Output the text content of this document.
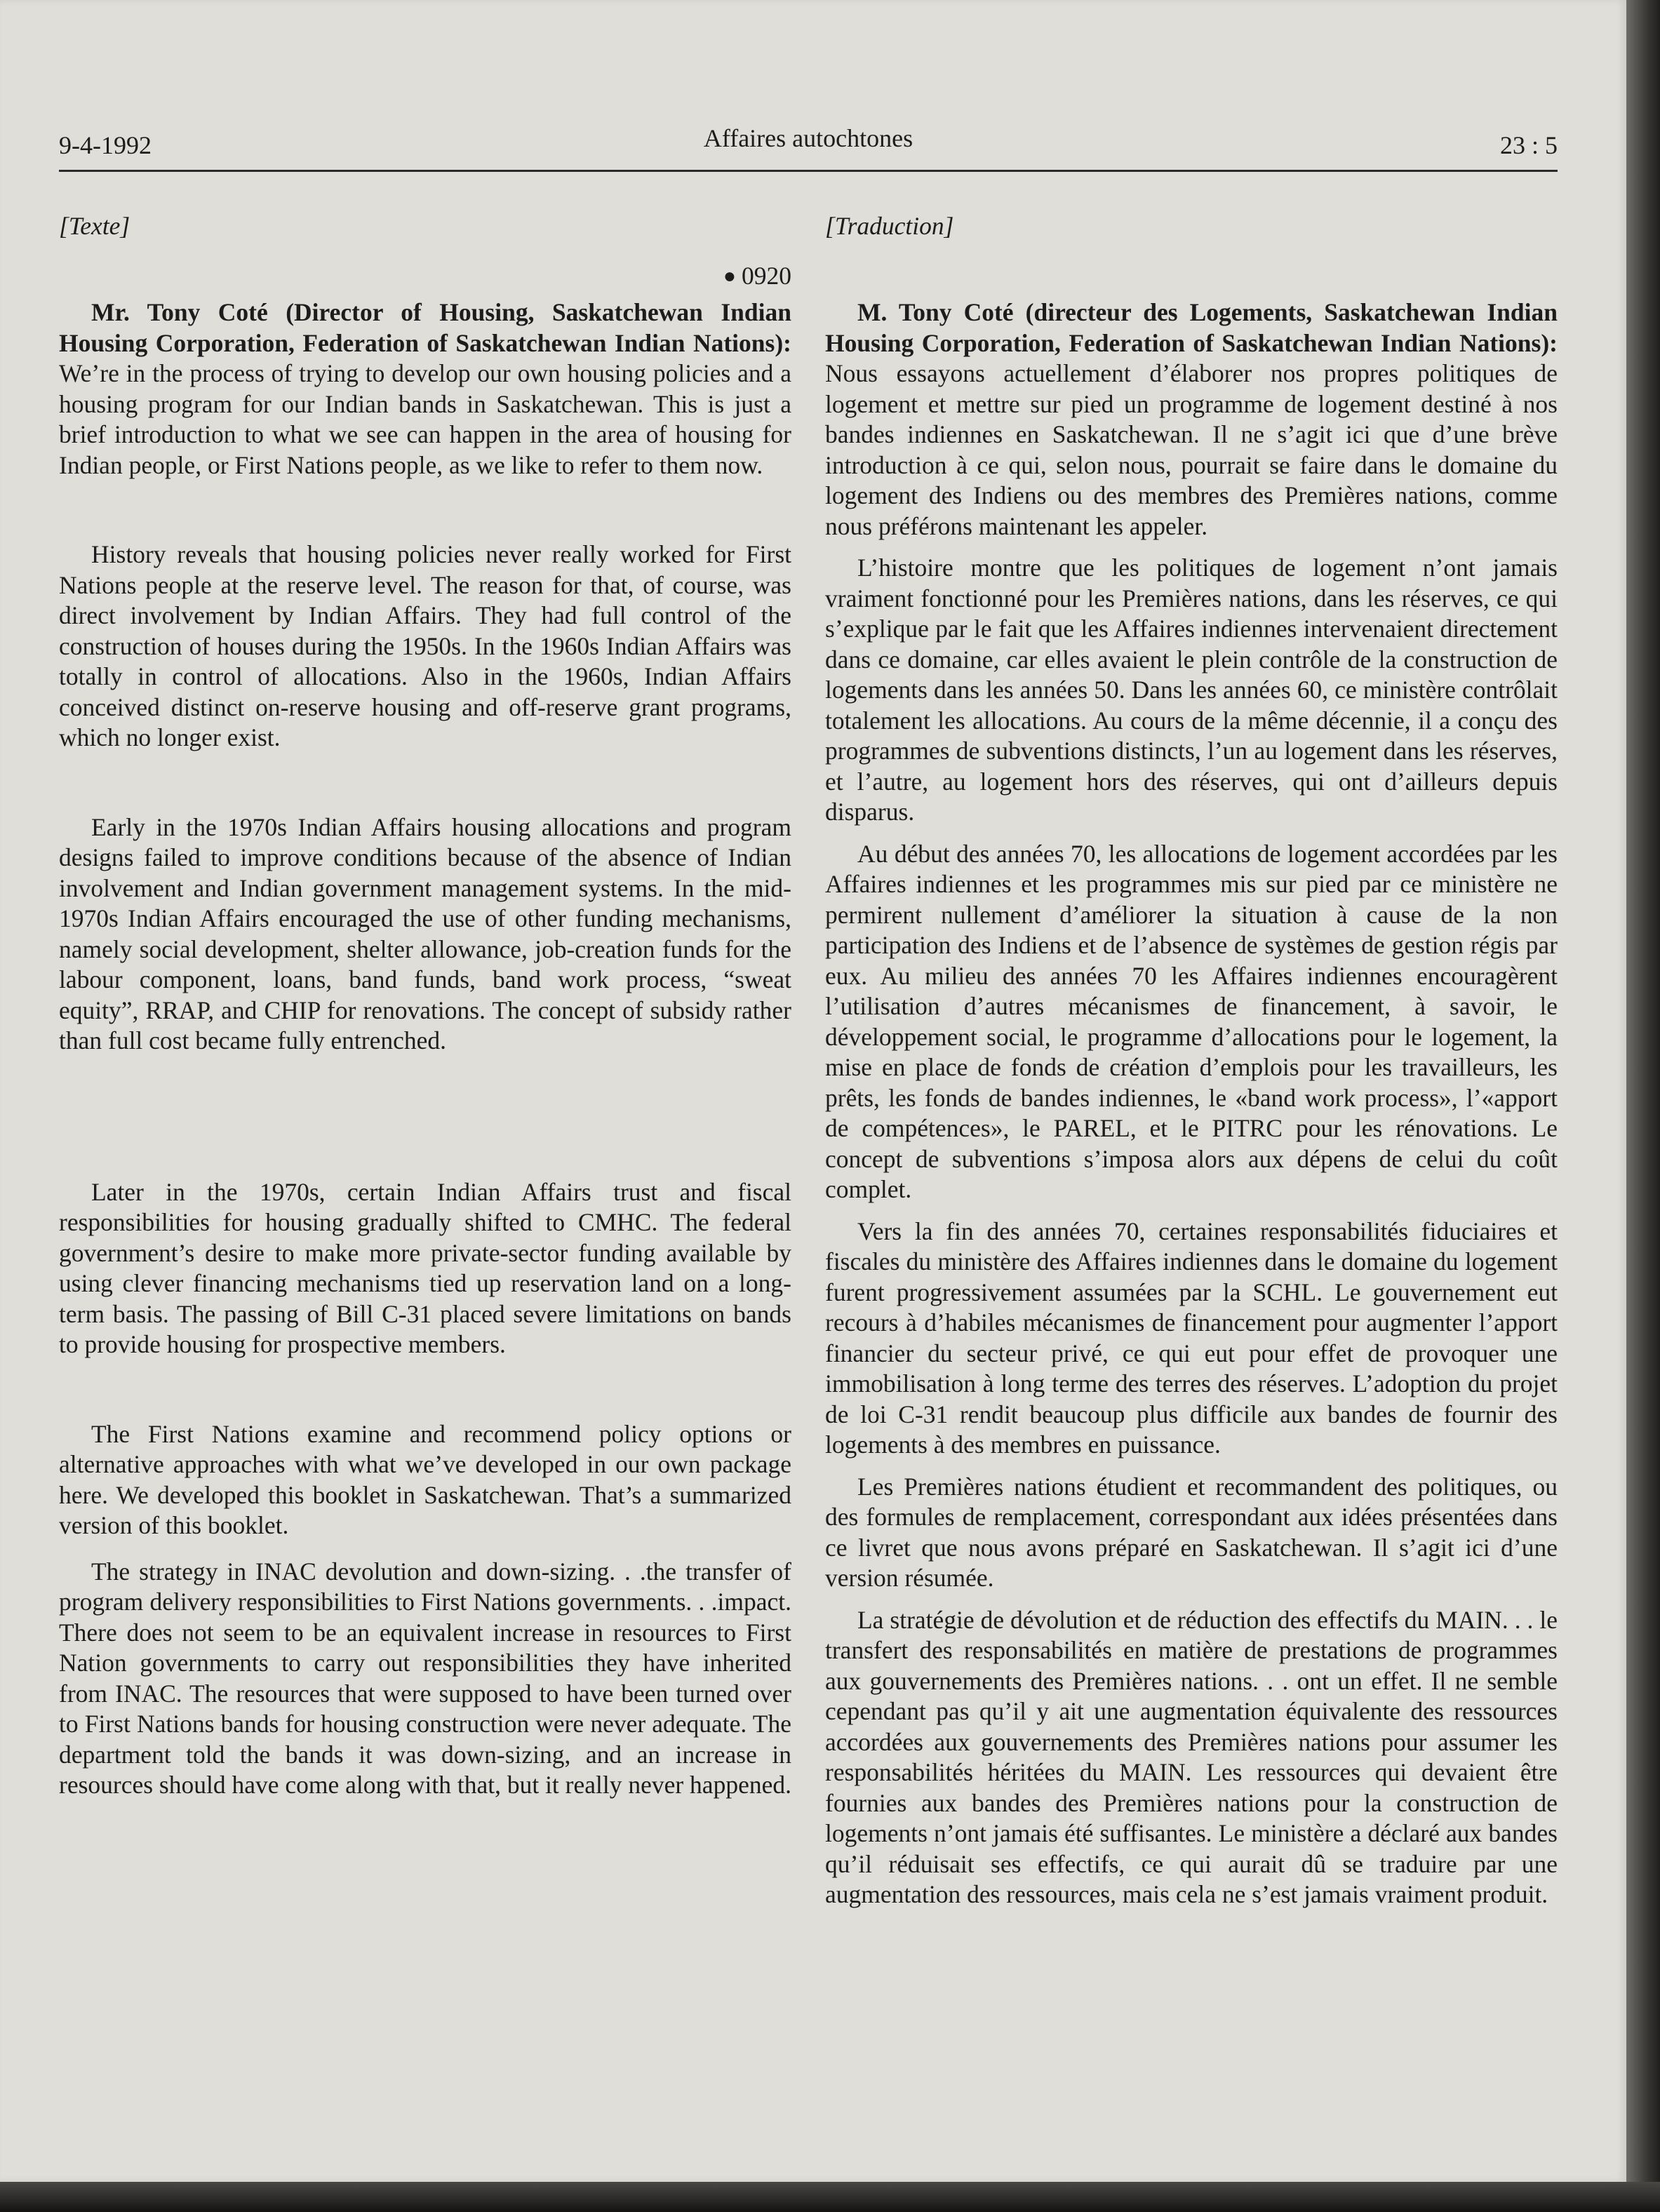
9-4-1992	Affaires autochtones	23 : 5
[Texte]
● 0920

Mr. Tony Coté (Director of Housing, Saskatchewan Indian Housing Corporation, Federation of Saskatchewan Indian Nations): We’re in the process of trying to develop our own housing policies and a housing program for our Indian bands in Saskatchewan. This is just a brief introduction to what we see can happen in the area of housing for Indian people, or First Nations people, as we like to refer to them now.

History reveals that housing policies never really worked for First Nations people at the reserve level. The reason for that, of course, was direct involvement by Indian Affairs. They had full control of the construction of houses during the 1950s. In the 1960s Indian Affairs was totally in control of allocations. Also in the 1960s, Indian Affairs conceived distinct on-reserve housing and off-reserve grant programs, which no longer exist.

Early in the 1970s Indian Affairs housing allocations and program designs failed to improve conditions because of the absence of Indian involvement and Indian government management systems. In the mid-1970s Indian Affairs encouraged the use of other funding mechanisms, namely social development, shelter allowance, job-creation funds for the labour component, loans, band funds, band work process, “sweat equity”, RRAP, and CHIP for renovations. The concept of subsidy rather than full cost became fully entrenched.

Later in the 1970s, certain Indian Affairs trust and fiscal responsibilities for housing gradually shifted to CMHC. The federal government’s desire to make more private-sector funding available by using clever financing mechanisms tied up reservation land on a long-term basis. The passing of Bill C-31 placed severe limitations on bands to provide housing for prospective members.

The First Nations examine and recommend policy options or alternative approaches with what we’ve developed in our own package here. We developed this booklet in Saskatchewan. That’s a summarized version of this booklet.

The strategy in INAC devolution and down-sizing. . .the transfer of program delivery responsibilities to First Nations governments. . .impact. There does not seem to be an equivalent increase in resources to First Nation governments to carry out responsibilities they have inherited from INAC. The resources that were supposed to have been turned over to First Nations bands for housing construction were never adequate. The department told the bands it was down-sizing, and an increase in resources should have come along with that, but it really never happened.

[Traduction]

M. Tony Coté (directeur des Logements, Saskatchewan Indian Housing Corporation, Federation of Saskatchewan Indian Nations): Nous essayons actuellement d’élaborer nos propres politiques de logement et mettre sur pied un programme de logement destiné à nos bandes indiennes en Saskatchewan. Il ne s’agit ici que d’une brève introduction à ce qui, selon nous, pourrait se faire dans le domaine du logement des Indiens ou des membres des Premières nations, comme nous préférons maintenant les appeler.

L’histoire montre que les politiques de logement n’ont jamais vraiment fonctionné pour les Premières nations, dans les réserves, ce qui s’explique par le fait que les Affaires indiennes intervenaient directement dans ce domaine, car elles avaient le plein contrôle de la construction de logements dans les années 50. Dans les années 60, ce ministère contrôlait totalement les allocations. Au cours de la même décennie, il a conçu des programmes de subventions distincts, l’un au logement dans les réserves, et l’autre, au logement hors des réserves, qui ont d’ailleurs depuis disparus.

Au début des années 70, les allocations de logement accordées par les Affaires indiennes et les programmes mis sur pied par ce ministère ne permirent nullement d’améliorer la situation à cause de la non participation des Indiens et de l’absence de systèmes de gestion régis par eux. Au milieu des années 70 les Affaires indiennes encouragèrent l’utilisation d’autres mécanismes de financement, à savoir, le développement social, le programme d’allocations pour le logement, la mise en place de fonds de création d’emplois pour les travailleurs, les prêts, les fonds de bandes indiennes, le «band work process», l’«apport de compétences», le PAREL, et le PITRC pour les rénovations. Le concept de subventions s’imposa alors aux dépens de celui du coût complet.

Vers la fin des années 70, certaines responsabilités fiduciaires et fiscales du ministère des Affaires indiennes dans le domaine du logement furent progressivement assumées par la SCHL. Le gouvernement eut recours à d’habiles mécanismes de financement pour augmenter l’apport financier du secteur privé, ce qui eut pour effet de provoquer une immobilisation à long terme des terres des réserves. L’adoption du projet de loi C-31 rendit beaucoup plus difficile aux bandes de fournir des logements à des membres en puissance.

Les Premières nations étudient et recommandent des politiques, ou des formules de remplacement, correspondant aux idées présentées dans ce livret que nous avons préparé en Saskatchewan. Il s’agit ici d’une version résumée.

La stratégie de dévolution et de réduction des effectifs du MAIN. . . le transfert des responsabilités en matière de prestations de programmes aux gouvernements des Premières nations. . . ont un effet. Il ne semble cependant pas qu’il y ait une augmentation équivalente des ressources accordées aux gouvernements des Premières nations pour assumer les responsabilités héritées du MAIN. Les ressources qui devaient être fournies aux bandes des Premières nations pour la construction de logements n’ont jamais été suffisantes. Le ministère a déclaré aux bandes qu’il réduisait ses effectifs, ce qui aurait dû se traduire par une augmentation des ressources, mais cela ne s’est jamais vraiment produit.
